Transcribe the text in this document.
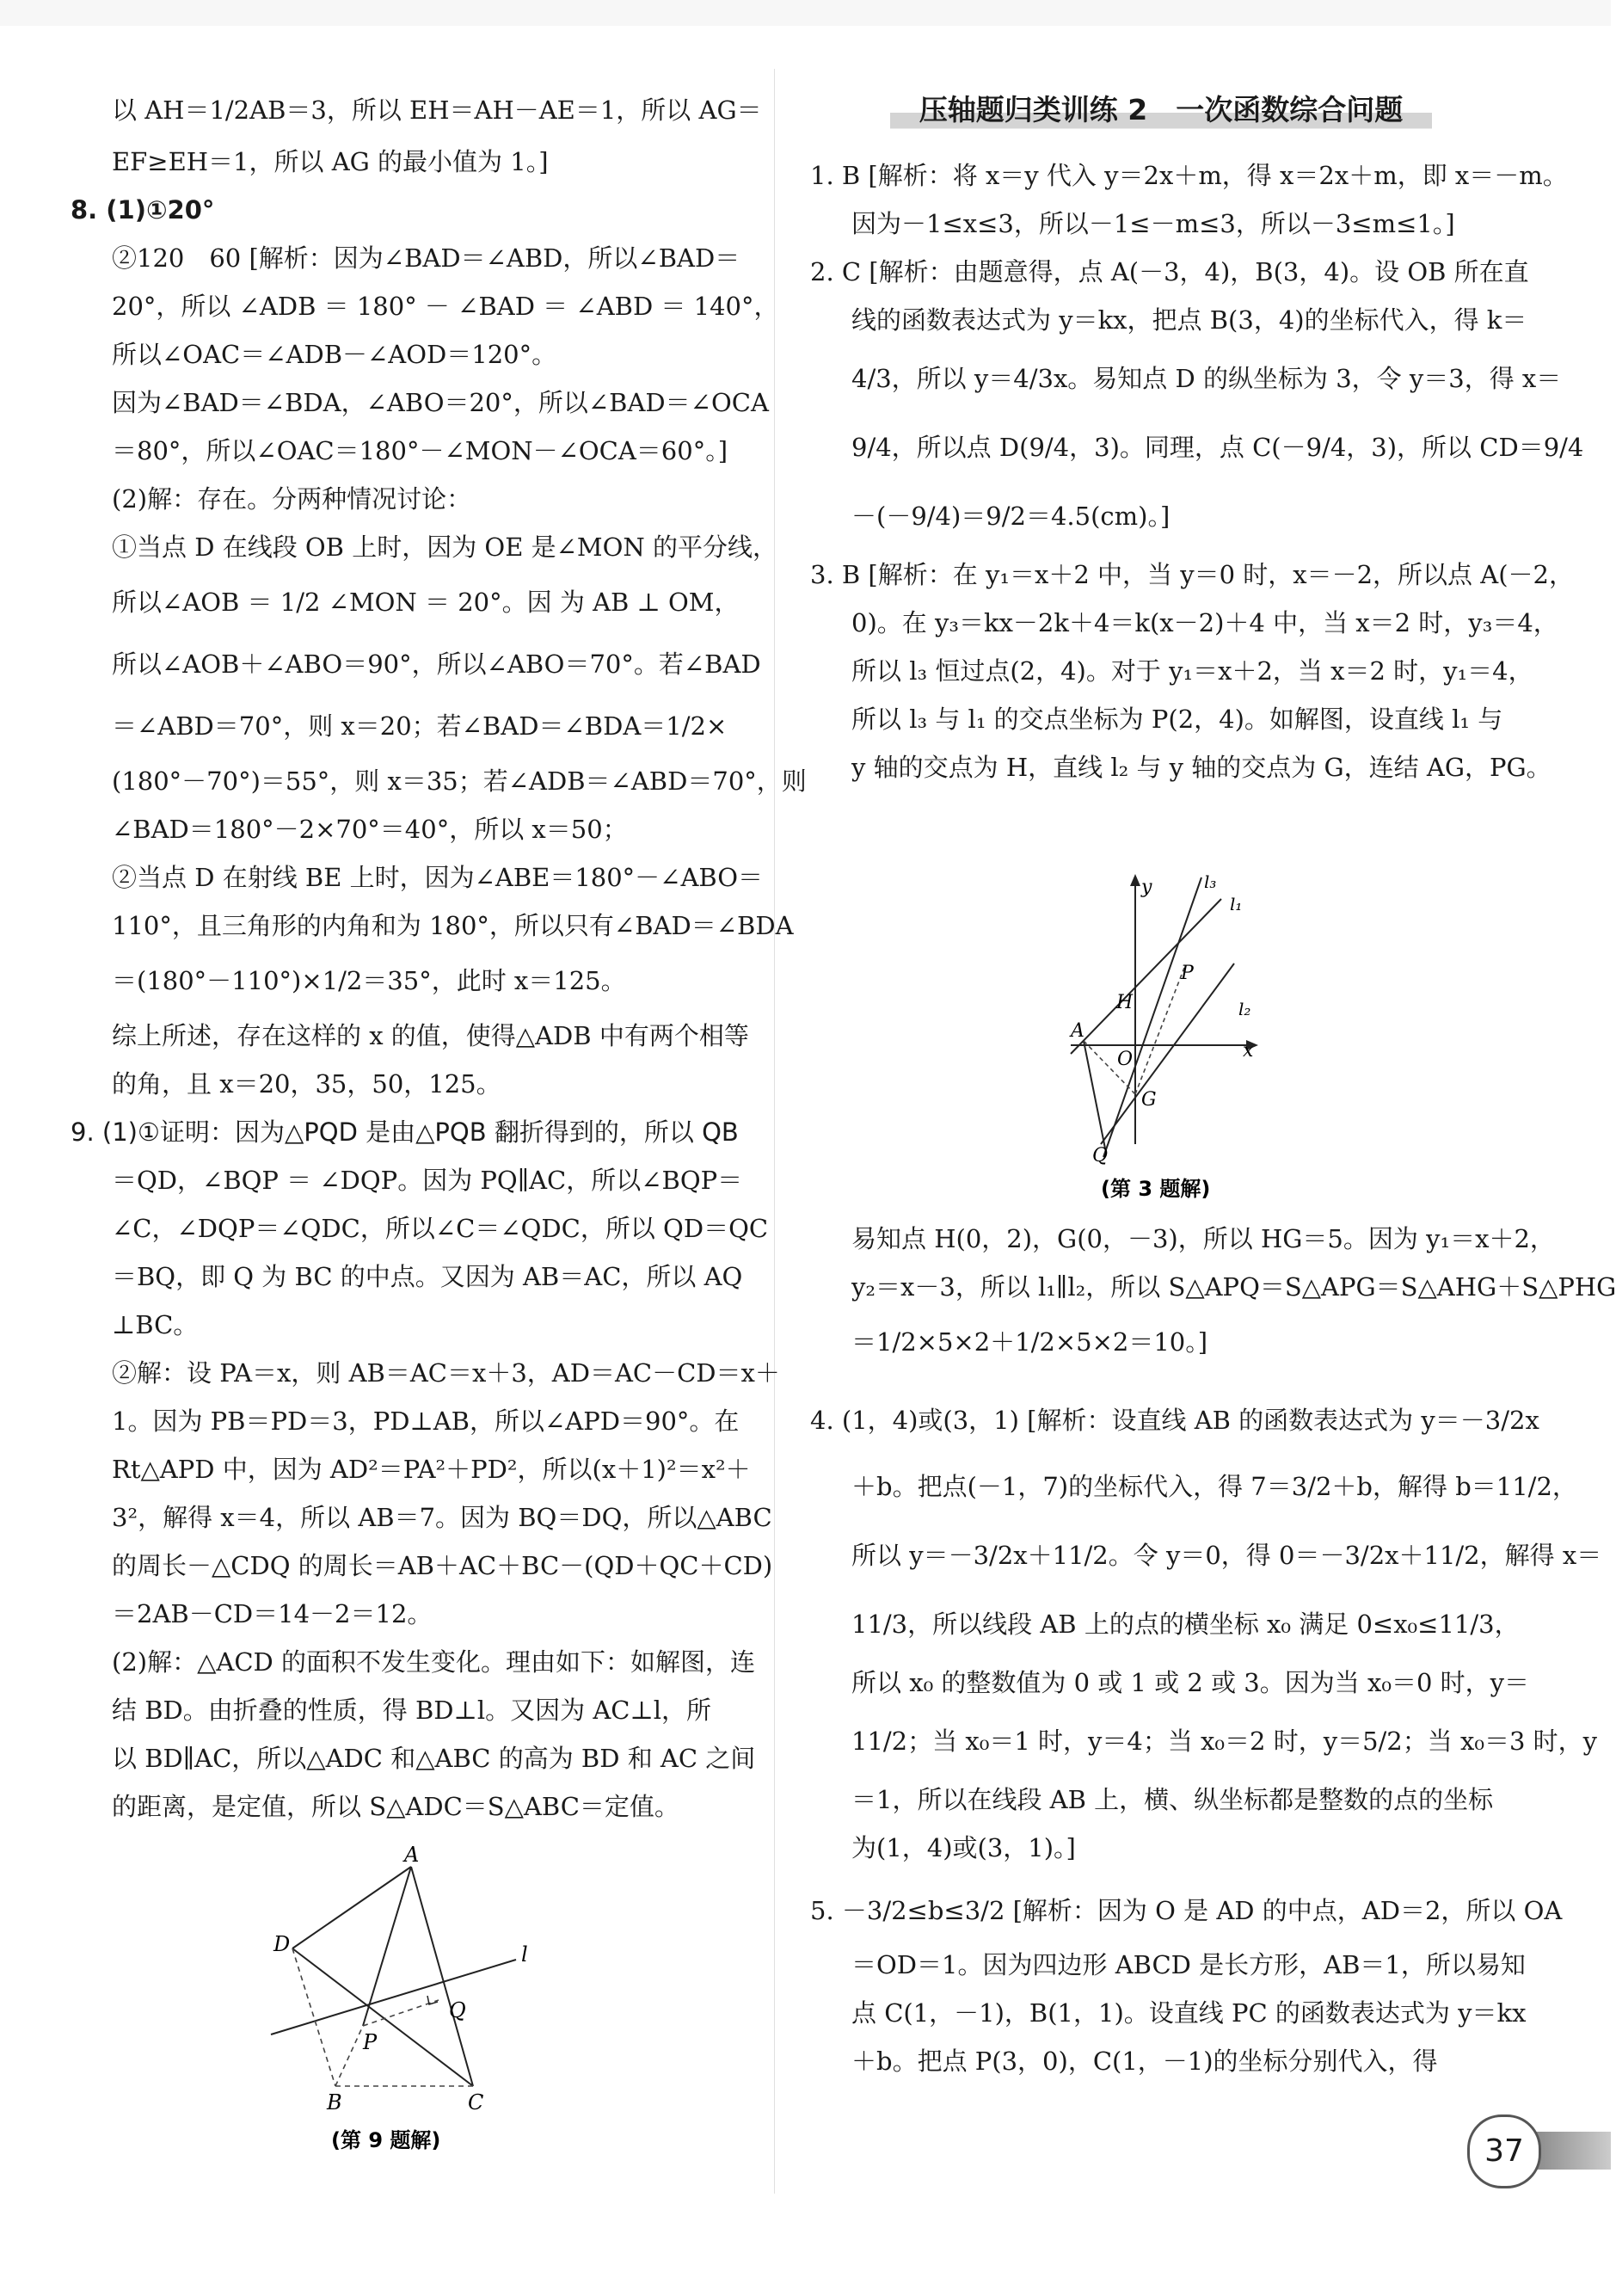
以 AH＝1/2AB＝3，所以 EH＝AH－AE＝1，所以 AG＝
EF≥EH＝1，所以 AG 的最小值为 1。]
8. (1)①20°
②120　60 [解析：因为∠BAD＝∠ABD，所以∠BAD＝
20°，所以 ∠ADB ＝ 180° － ∠BAD ＝ ∠ABD ＝ 140°，
所以∠OAC＝∠ADB－∠AOD＝120°。
因为∠BAD＝∠BDA，∠ABO＝20°，所以∠BAD＝∠OCA
＝80°，所以∠OAC＝180°－∠MON－∠OCA＝60°。]
(2)解：存在。分两种情况讨论：
①当点 D 在线段 OB 上时，因为 OE 是∠MON 的平分线，
所以∠AOB ＝ 1/2 ∠MON ＝ 20°。因 为 AB ⊥ OM，
所以∠AOB＋∠ABO＝90°，所以∠ABO＝70°。若∠BAD
＝∠ABD＝70°，则 x＝20；若∠BAD＝∠BDA＝1/2×
(180°－70°)＝55°，则 x＝35；若∠ADB＝∠ABD＝70°，则
∠BAD＝180°－2×70°＝40°，所以 x＝50；
②当点 D 在射线 BE 上时，因为∠ABE＝180°－∠ABO＝
110°，且三角形的内角和为 180°，所以只有∠BAD＝∠BDA
＝(180°－110°)×1/2＝35°，此时 x＝125。
综上所述，存在这样的 x 的值，使得△ADB 中有两个相等
的角，且 x＝20，35，50，125。
9. (1)①证明：因为△PQD 是由△PQB 翻折得到的，所以 QB
＝QD，∠BQP ＝ ∠DQP。因为 PQ∥AC，所以∠BQP＝
∠C，∠DQP＝∠QDC，所以∠C＝∠QDC，所以 QD＝QC
＝BQ，即 Q 为 BC 的中点。又因为 AB＝AC，所以 AQ
⊥BC。
②解：设 PA＝x，则 AB＝AC＝x＋3，AD＝AC－CD＝x＋
1。因为 PB＝PD＝3，PD⊥AB，所以∠APD＝90°。在
Rt△APD 中，因为 AD²＝PA²＋PD²，所以(x＋1)²＝x²＋
3²，解得 x＝4，所以 AB＝7。因为 BQ＝DQ，所以△ABC
的周长－△CDQ 的周长＝AB＋AC＋BC－(QD＋QC＋CD)
＝2AB－CD＝14－2＝12。
(2)解：△ACD 的面积不发生变化。理由如下：如解图，连
结 BD。由折叠的性质，得 BD⊥l。又因为 AC⊥l，所
以 BD∥AC，所以△ADC 和△ABC 的高为 BD 和 AC 之间
的距离，是定值，所以 S△ADC＝S△ABC＝定值。
A
D	l
Q
P
B	C
(第 9 题解)
压轴题归类训练 2　一次函数综合问题
1. B [解析：将 x＝y 代入 y＝2x＋m，得 x＝2x＋m，即 x＝－m。
因为－1≤x≤3，所以－1≤－m≤3，所以－3≤m≤1。]
2. C [解析：由题意得，点 A(－3，4)，B(3，4)。设 OB 所在直
线的函数表达式为 y＝kx，把点 B(3，4)的坐标代入，得 k＝
4/3，所以 y＝4/3x。易知点 D 的纵坐标为 3，令 y＝3，得 x＝
9/4，所以点 D(9/4，3)。同理，点 C(－9/4，3)，所以 CD＝9/4
－(－9/4)＝9/2＝4.5(cm)。]
3. B [解析：在 y₁＝x＋2 中，当 y＝0 时，x＝－2，所以点 A(－2，
0)。在 y₃＝kx－2k＋4＝k(x－2)＋4 中，当 x＝2 时，y₃＝4，
所以 l₃ 恒过点(2，4)。对于 y₁＝x＋2，当 x＝2 时，y₁＝4，
所以 l₃ 与 l₁ 的交点坐标为 P(2，4)。如解图，设直线 l₁ 与
y 轴的交点为 H，直线 l₂ 与 y 轴的交点为 G，连结 AG，PG。
y
x
l₃
l₁
l₂
P
H
A
O
G
Q
(第 3 题解)
易知点 H(0，2)，G(0，－3)，所以 HG＝5。因为 y₁＝x＋2，
y₂＝x－3，所以 l₁∥l₂，所以 S△APQ＝S△APG＝S△AHG＋S△PHG
＝1/2×5×2＋1/2×5×2＝10。]
4. (1，4)或(3，1) [解析：设直线 AB 的函数表达式为 y＝－3/2x
＋b。把点(－1，7)的坐标代入，得 7＝3/2＋b，解得 b＝11/2，
所以 y＝－3/2x＋11/2。令 y＝0，得 0＝－3/2x＋11/2，解得 x＝
11/3，所以线段 AB 上的点的横坐标 x₀ 满足 0≤x₀≤11/3，
所以 x₀ 的整数值为 0 或 1 或 2 或 3。因为当 x₀＝0 时，y＝
11/2；当 x₀＝1 时，y＝4；当 x₀＝2 时，y＝5/2；当 x₀＝3 时，y
＝1，所以在线段 AB 上，横、纵坐标都是整数的点的坐标
为(1，4)或(3，1)。]
5. －3/2≤b≤3/2 [解析：因为 O 是 AD 的中点，AD＝2，所以 OA
＝OD＝1。因为四边形 ABCD 是长方形，AB＝1，所以易知
点 C(1，－1)，B(1，1)。设直线 PC 的函数表达式为 y＝kx
＋b。把点 P(3，0)，C(1，－1)的坐标分别代入，得
37
